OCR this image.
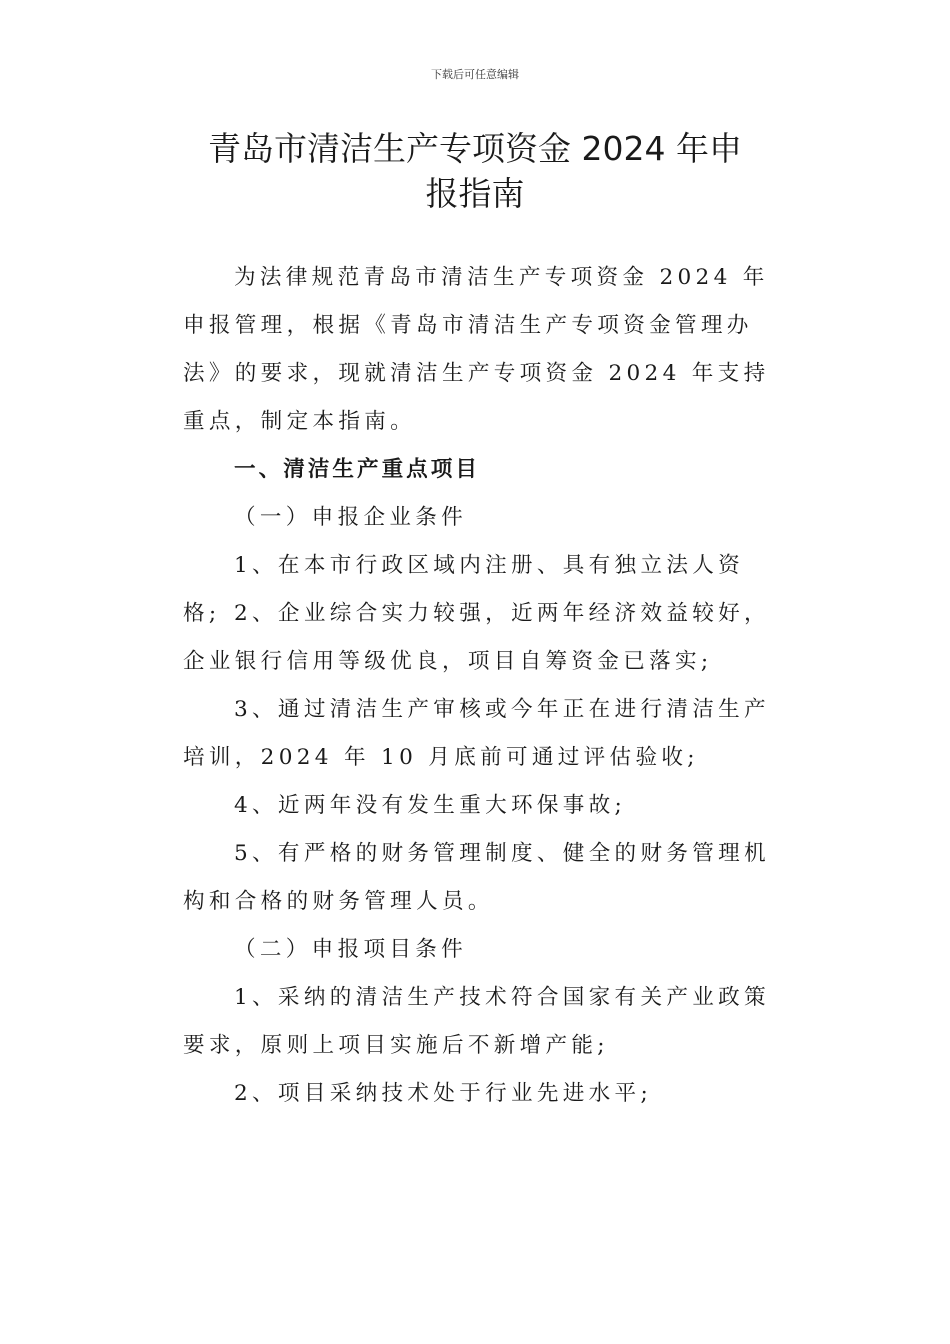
下载后可任意编辑
青岛市清洁生产专项资金 2024 年申
报指南

为法律规范青岛市清洁生产专项资金 2024 年申报管理，根据《青岛市清洁生产专项资金管理办法》的要求，现就清洁生产专项资金 2024 年支持重点，制定本指南。

一、清洁生产重点项目

（一）申报企业条件

1、在本市行政区域内注册、具有独立法人资格; 2、企业综合实力较强，近两年经济效益较好，企业银行信用等级优良，项目自筹资金已落实;

3、通过清洁生产审核或今年正在进行清洁生产培训，2024 年 10 月底前可通过评估验收;

4、近两年没有发生重大环保事故;

5、有严格的财务管理制度、健全的财务管理机构和合格的财务管理人员。

（二）申报项目条件

1、采纳的清洁生产技术符合国家有关产业政策要求，原则上项目实施后不新增产能;

2、项目采纳技术处于行业先进水平;
